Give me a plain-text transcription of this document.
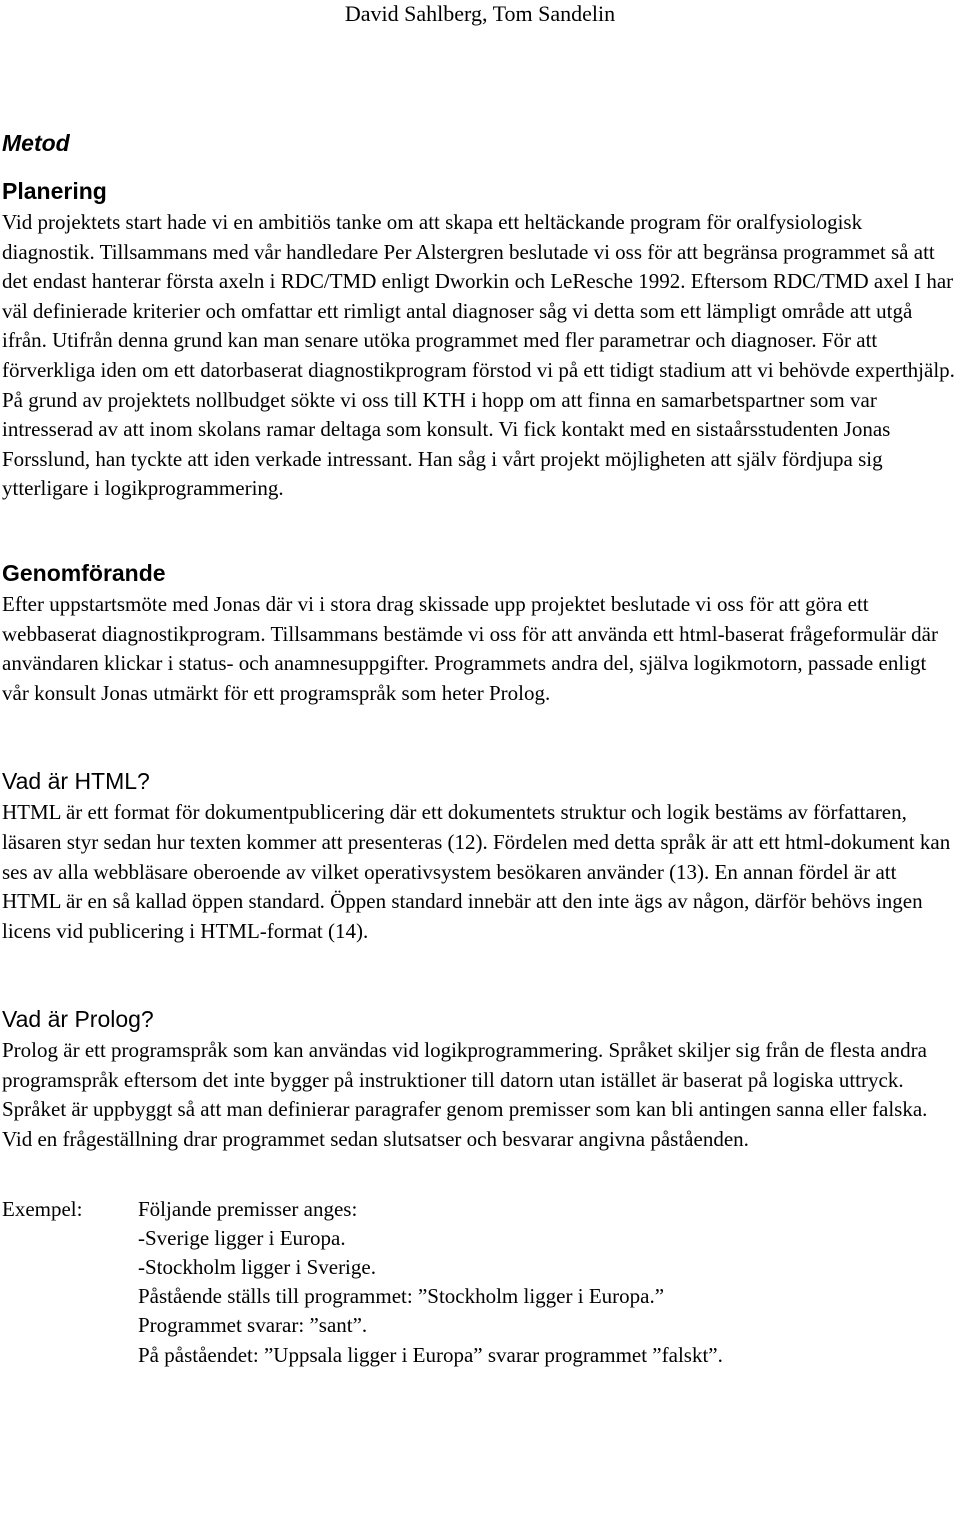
David Sahlberg, Tom Sandelin
Metod
Planering

Vid projektets start hade vi en ambitiös tanke om att skapa ett heltäckande program för oralfysiologisk diagnostik. Tillsammans med vår handledare Per Alstergren beslutade vi oss för att begränsa programmet så att det endast hanterar första axeln i RDC/TMD enligt Dworkin och LeResche 1992. Eftersom RDC/TMD axel I har väl definierade kriterier och omfattar ett rimligt antal diagnoser såg vi detta som ett lämpligt område att utgå ifrån. Utifrån denna grund kan man senare utöka programmet med fler parametrar och diagnoser. För att förverkliga iden om ett datorbaserat diagnostikprogram förstod vi på ett tidigt stadium att vi behövde experthjälp. På grund av projektets nollbudget sökte vi oss till KTH i hopp om att finna en samarbetspartner som var intresserad av att inom skolans ramar deltaga som konsult. Vi fick kontakt med en sistaårsstudenten Jonas Forsslund, han tyckte att iden verkade intressant. Han såg i vårt projekt möjligheten att själv fördjupa sig ytterligare i logikprogrammering.

Genomförande

Efter uppstartsmöte med Jonas där vi i stora drag skissade upp projektet beslutade vi oss för att göra ett webbaserat diagnostikprogram. Tillsammans bestämde vi oss för att använda ett html-baserat frågeformulär där användaren klickar i status- och anamnesuppgifter. Programmets andra del, själva logikmotorn, passade enligt vår konsult Jonas utmärkt för ett programspråk som heter Prolog.

Vad är HTML?

HTML är ett format för dokumentpublicering där ett dokumentets struktur och logik bestäms av författaren, läsaren styr sedan hur texten kommer att presenteras (12). Fördelen med detta språk är att ett html-dokument kan ses av alla webbläsare oberoende av vilket operativsystem besökaren använder (13). En annan fördel är att HTML är en så kallad öppen standard. Öppen standard innebär att den inte ägs av någon, därför behövs ingen licens vid publicering i HTML-format (14).

Vad är Prolog?

Prolog är ett programspråk som kan användas vid logikprogrammering. Språket skiljer sig från de flesta andra programspråk eftersom det inte bygger på instruktioner till datorn utan istället är baserat på logiska uttryck. Språket är uppbyggt så att man definierar paragrafer genom premisser som kan bli antingen sanna eller falska. Vid en frågeställning drar programmet sedan slutsatser och besvarar angivna påståenden.

Exempel:	Följande premisser anges:
-Sverige ligger i Europa.
-Stockholm ligger i Sverige.
Påstående ställs till programmet: ”Stockholm ligger i Europa.”
Programmet svarar: ”sant”.
På påståendet: ”Uppsala ligger i Europa” svarar programmet ”falskt”.
